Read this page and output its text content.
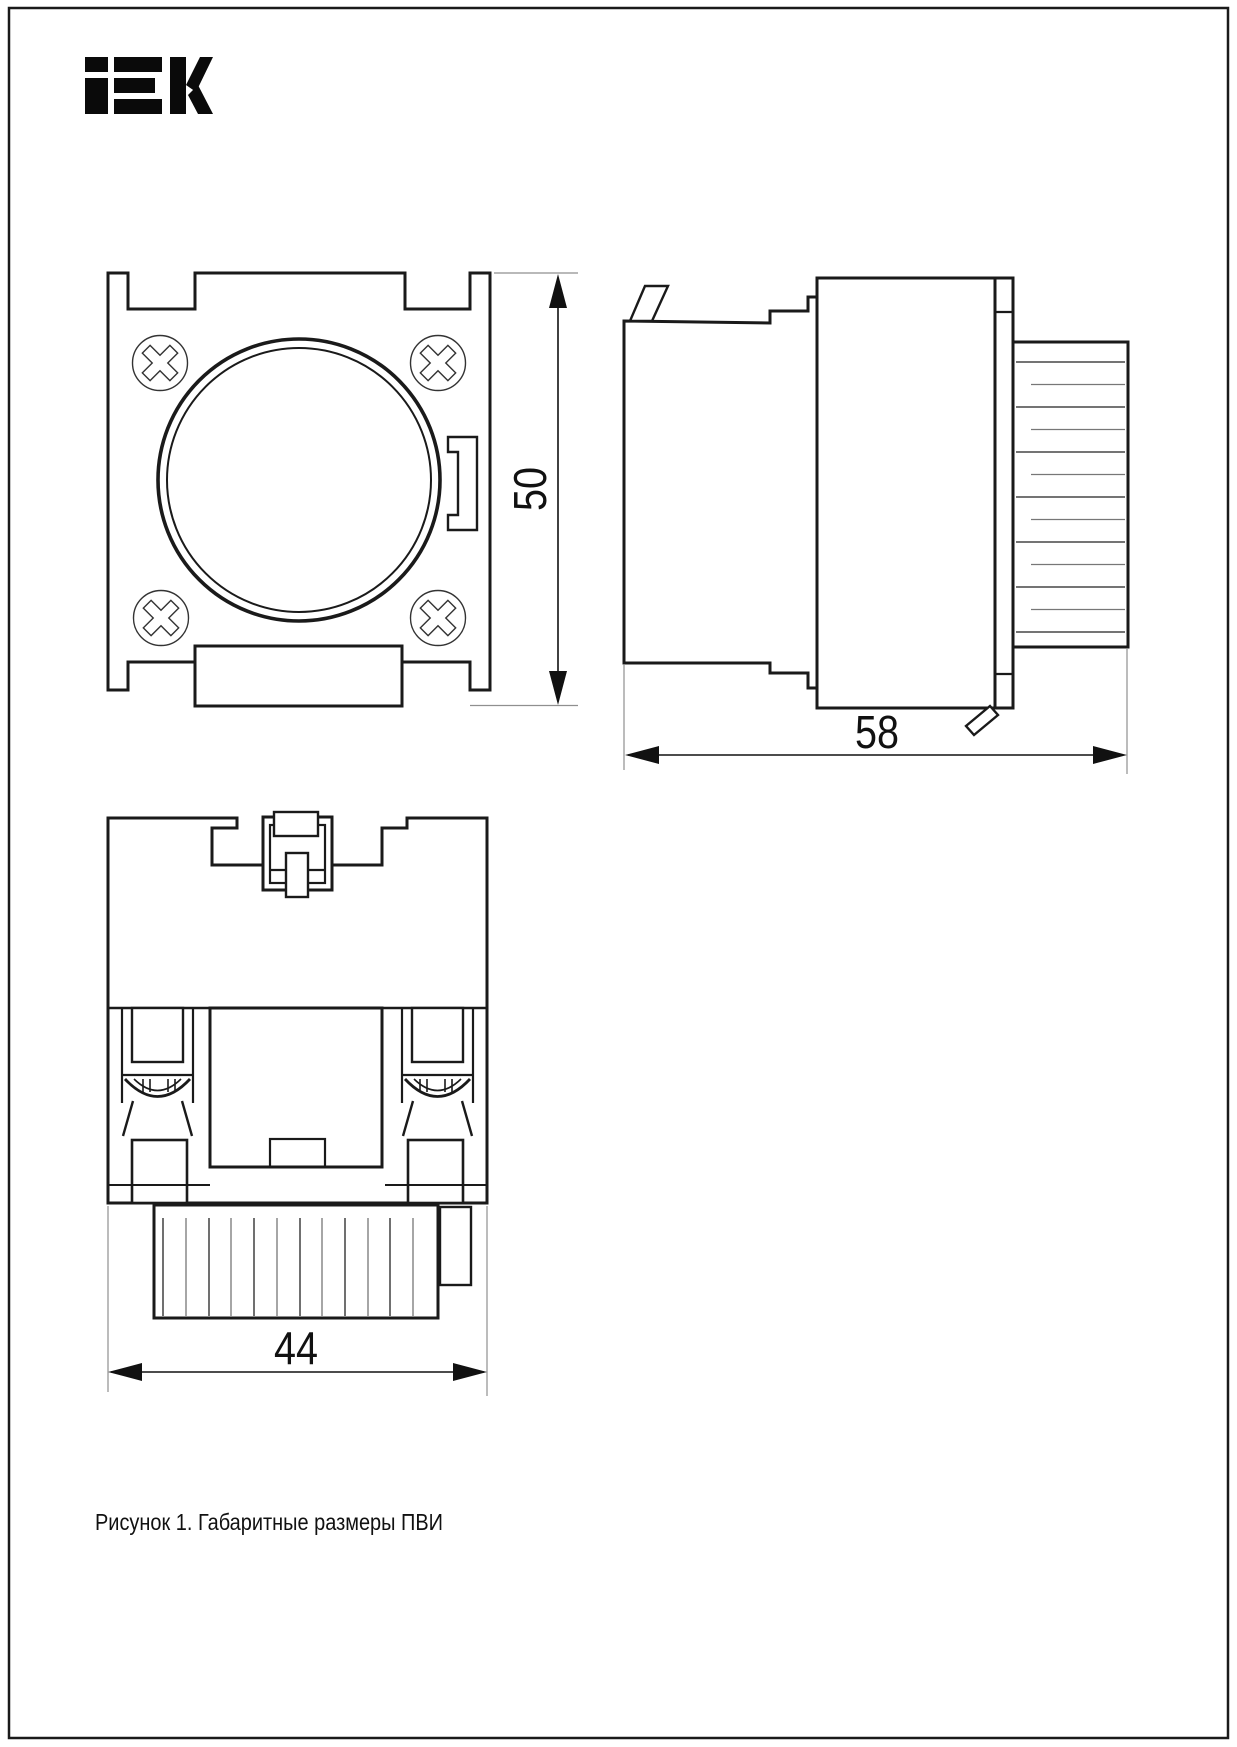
50
58
44
Рисунок 1. Габаритные размеры ПВИ
